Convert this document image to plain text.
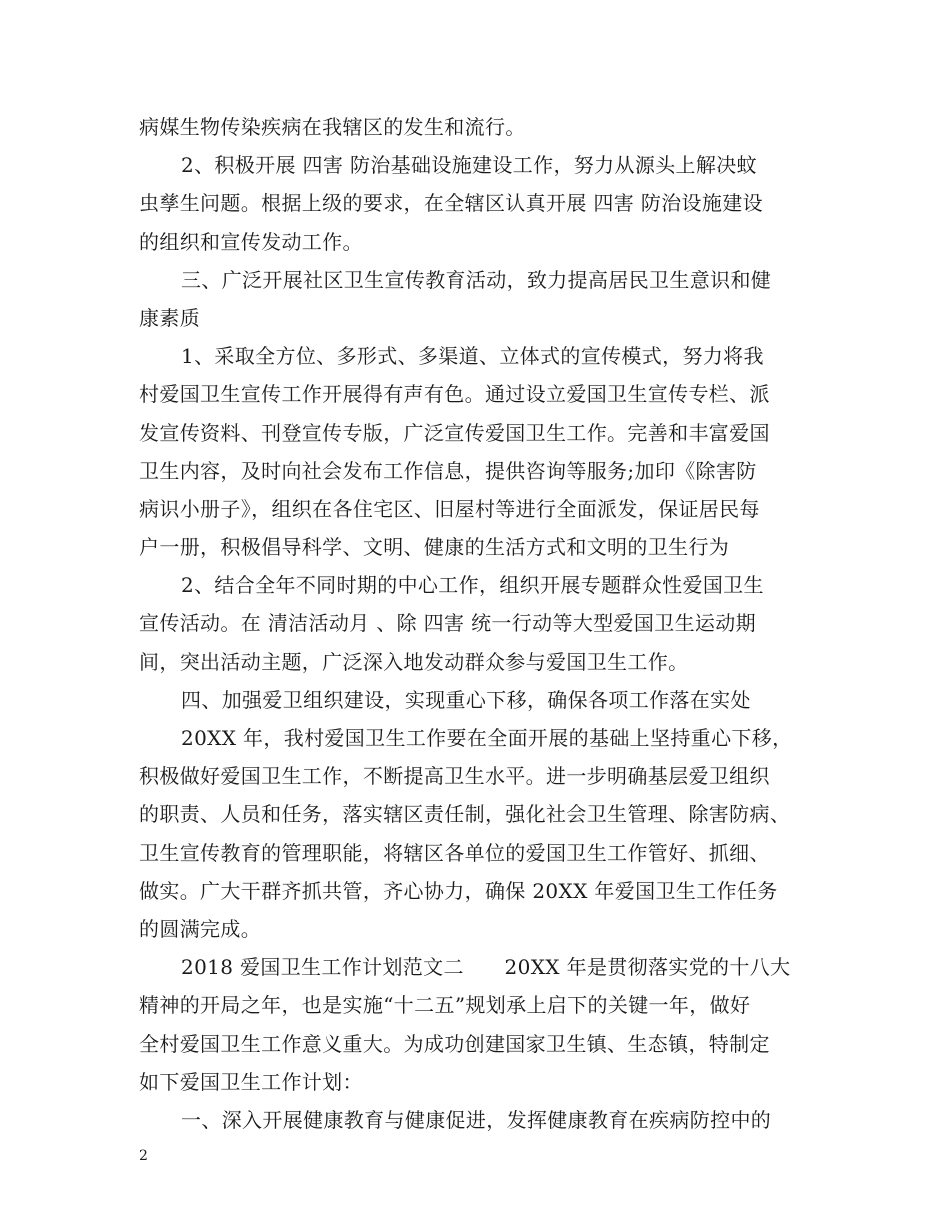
病媒生物传染疾病在我辖区的发生和流行。
2、积极开展 四害 防治基础设施建设工作，努力从源头上解决蚊
虫孳生问题。根据上级的要求，在全辖区认真开展 四害 防治设施建设
的组织和宣传发动工作。
三、广泛开展社区卫生宣传教育活动，致力提高居民卫生意识和健
康素质
1、采取全方位、多形式、多渠道、立体式的宣传模式，努力将我
村爱国卫生宣传工作开展得有声有色。通过设立爱国卫生宣传专栏、派
发宣传资料、刊登宣传专版，广泛宣传爱国卫生工作。完善和丰富爱国
卫生内容，及时向社会发布工作信息，提供咨询等服务;加印《除害防
病识小册子》，组织在各住宅区、旧屋村等进行全面派发，保证居民每
户一册，积极倡导科学、文明、健康的生活方式和文明的卫生行为
2、结合全年不同时期的中心工作，组织开展专题群众性爱国卫生
宣传活动。在 清洁活动月 、除 四害 统一行动等大型爱国卫生运动期
间，突出活动主题，广泛深入地发动群众参与爱国卫生工作。
四、加强爱卫组织建设，实现重心下移，确保各项工作落在实处
20XX 年，我村爱国卫生工作要在全面开展的基础上坚持重心下移，
积极做好爱国卫生工作，不断提高卫生水平。进一步明确基层爱卫组织
的职责、人员和任务，落实辖区责任制，强化社会卫生管理、除害防病、
卫生宣传教育的管理职能，将辖区各单位的爱国卫生工作管好、抓细、
做实。广大干群齐抓共管，齐心协力，确保 20XX 年爱国卫生工作任务
的圆满完成。
2018 爱国卫生工作计划范文二　　20XX 年是贯彻落实党的十八大
精神的开局之年，也是实施“十二五”规划承上启下的关键一年，做好
全村爱国卫生工作意义重大。为成功创建国家卫生镇、生态镇，特制定
如下爱国卫生工作计划：
一、深入开展健康教育与健康促进，发挥健康教育在疾病防控中的
2
